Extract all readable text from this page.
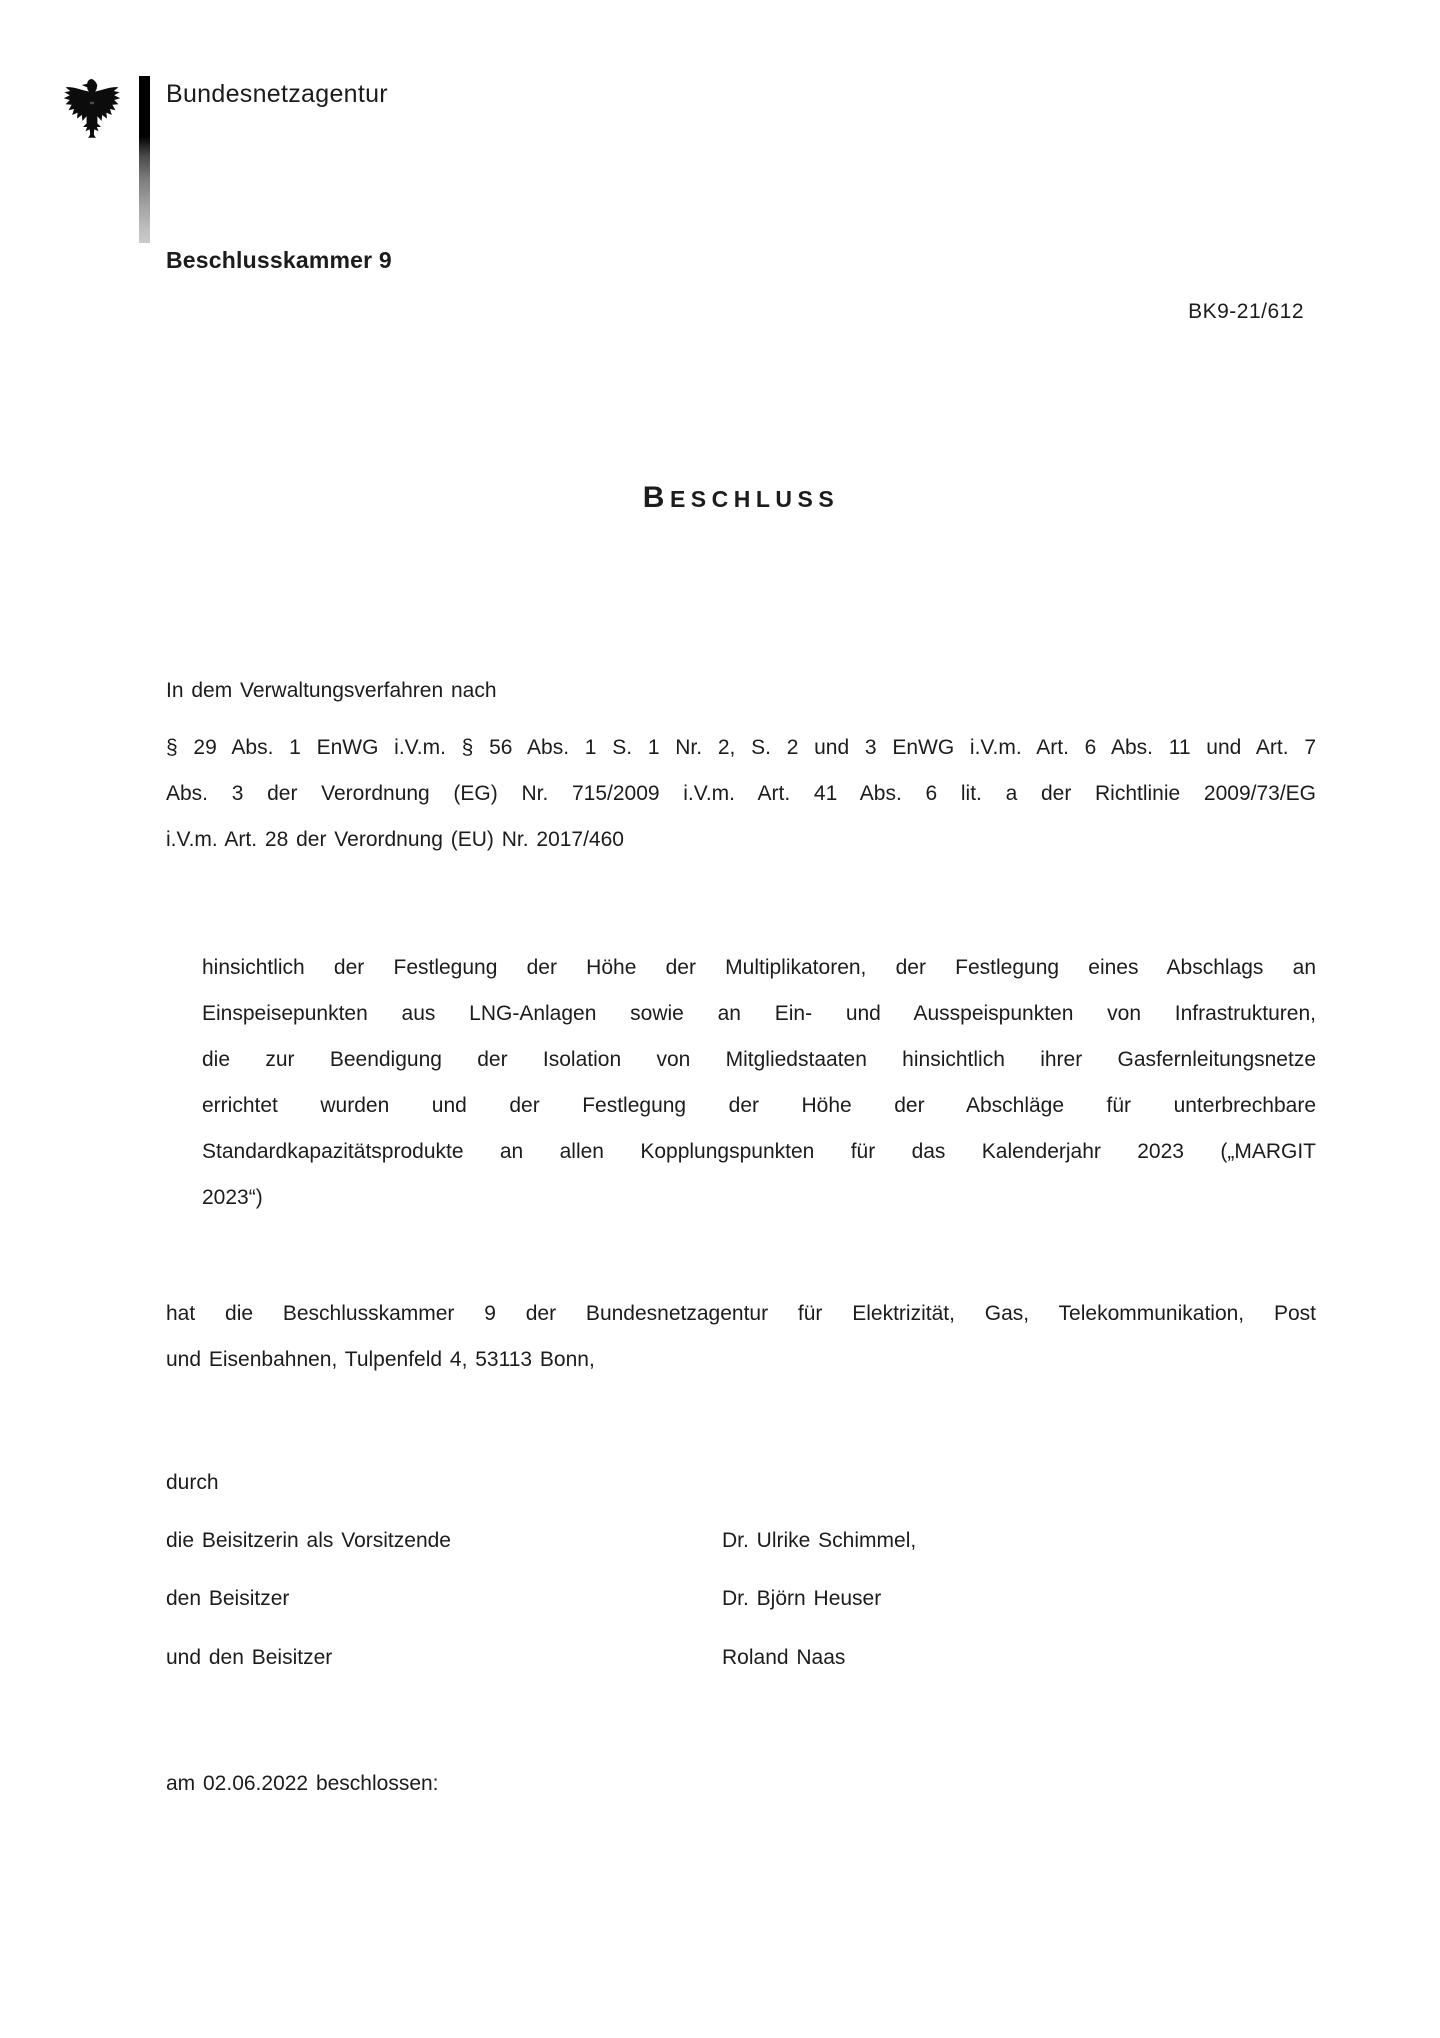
Bundesnetzagentur
Beschlusskammer 9
BK9-21/612
BESCHLUSS
In dem Verwaltungsverfahren nach
§ 29 Abs. 1 EnWG i.V.m. § 56 Abs. 1 S. 1 Nr. 2, S. 2 und 3 EnWG i.V.m. Art. 6 Abs. 11 und Art. 7
Abs. 3 der Verordnung (EG) Nr. 715/2009 i.V.m. Art. 41 Abs. 6 lit. a der Richtlinie 2009/73/EG
i.V.m. Art. 28 der Verordnung (EU) Nr. 2017/460
hinsichtlich der Festlegung der Höhe der Multiplikatoren, der Festlegung eines Abschlags an
Einspeisepunkten aus LNG-Anlagen sowie an Ein- und Ausspeispunkten von Infrastrukturen,
die zur Beendigung der Isolation von Mitgliedstaaten hinsichtlich ihrer Gasfernleitungsnetze
errichtet wurden und der Festlegung der Höhe der Abschläge für unterbrechbare
Standardkapazitätsprodukte an allen Kopplungspunkten für das Kalenderjahr 2023 („MARGIT
2023“)
hat die Beschlusskammer 9 der Bundesnetzagentur für Elektrizität, Gas, Telekommunikation, Post
und Eisenbahnen, Tulpenfeld 4, 53113 Bonn,
durch
die Beisitzerin als Vorsitzende	Dr. Ulrike Schimmel,
den Beisitzer	Dr. Björn Heuser
und den Beisitzer	Roland Naas
am 02.06.2022 beschlossen:
